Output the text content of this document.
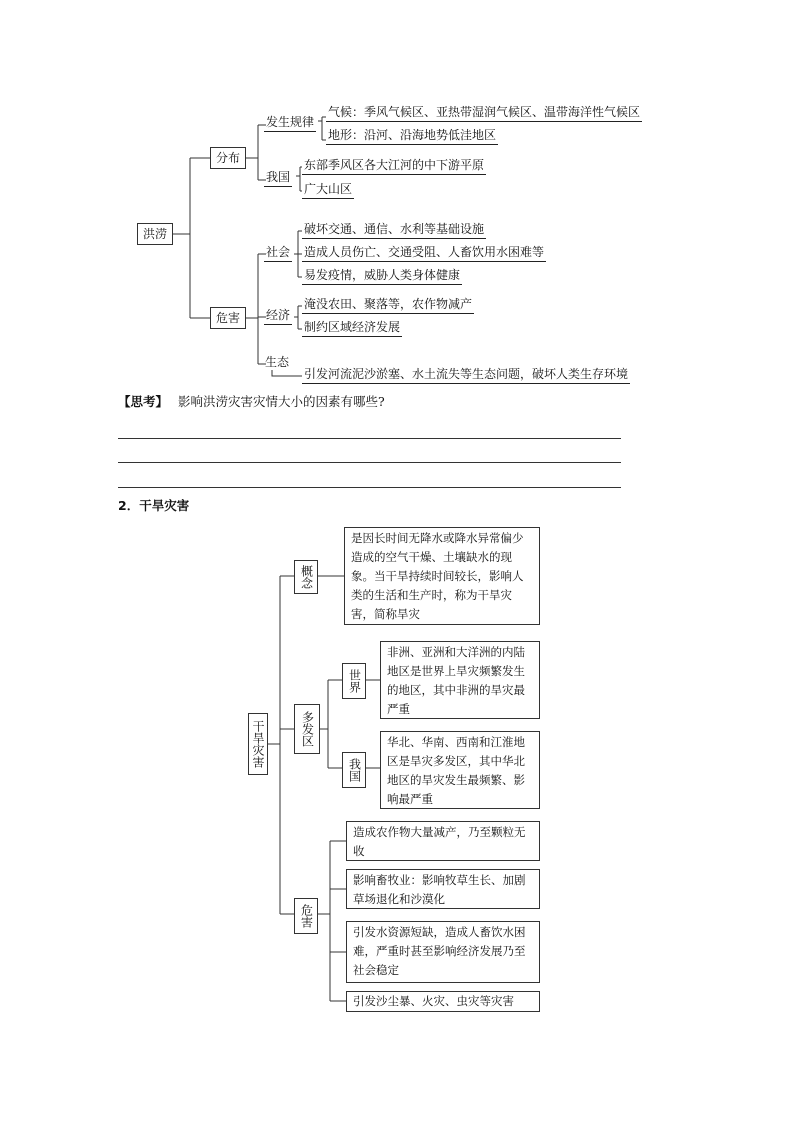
洪涝
分布
危害
发生规律
气候：季风气候区、亚热带湿润气候区、温带海洋性气候区
地形：沿河、沿海地势低洼地区
我国
东部季风区各大江河的中下游平原
广大山区
社会
破坏交通、通信、水利等基础设施
造成人员伤亡、交通受阻、人畜饮用水困难等
易发疫情，威胁人类身体健康
经济
淹没农田、聚落等，农作物减产
制约区域经济发展
生态
引发河流泥沙淤塞、水土流失等生态问题，破坏人类生存环境
【思考】 影响洪涝灾害灾情大小的因素有哪些?
2．干旱灾害
干旱灾害
概念
是因长时间无降水或降水异常偏少造成的空气干燥、土壤缺水的现象。当干旱持续时间较长，影响人类的生活和生产时，称为干旱灾害，简称旱灾
多发区
世界
非洲、亚洲和大洋洲的内陆地区是世界上旱灾频繁发生的地区，其中非洲的旱灾最严重
我国
华北、华南、西南和江淮地区是旱灾多发区，其中华北地区的旱灾发生最频繁、影响最严重
危害
造成农作物大量减产，乃至颗粒无收
影响畜牧业：影响牧草生长、加剧草场退化和沙漠化
引发水资源短缺，造成人畜饮水困难，严重时甚至影响经济发展乃至社会稳定
引发沙尘暴、火灾、虫灾等灾害
